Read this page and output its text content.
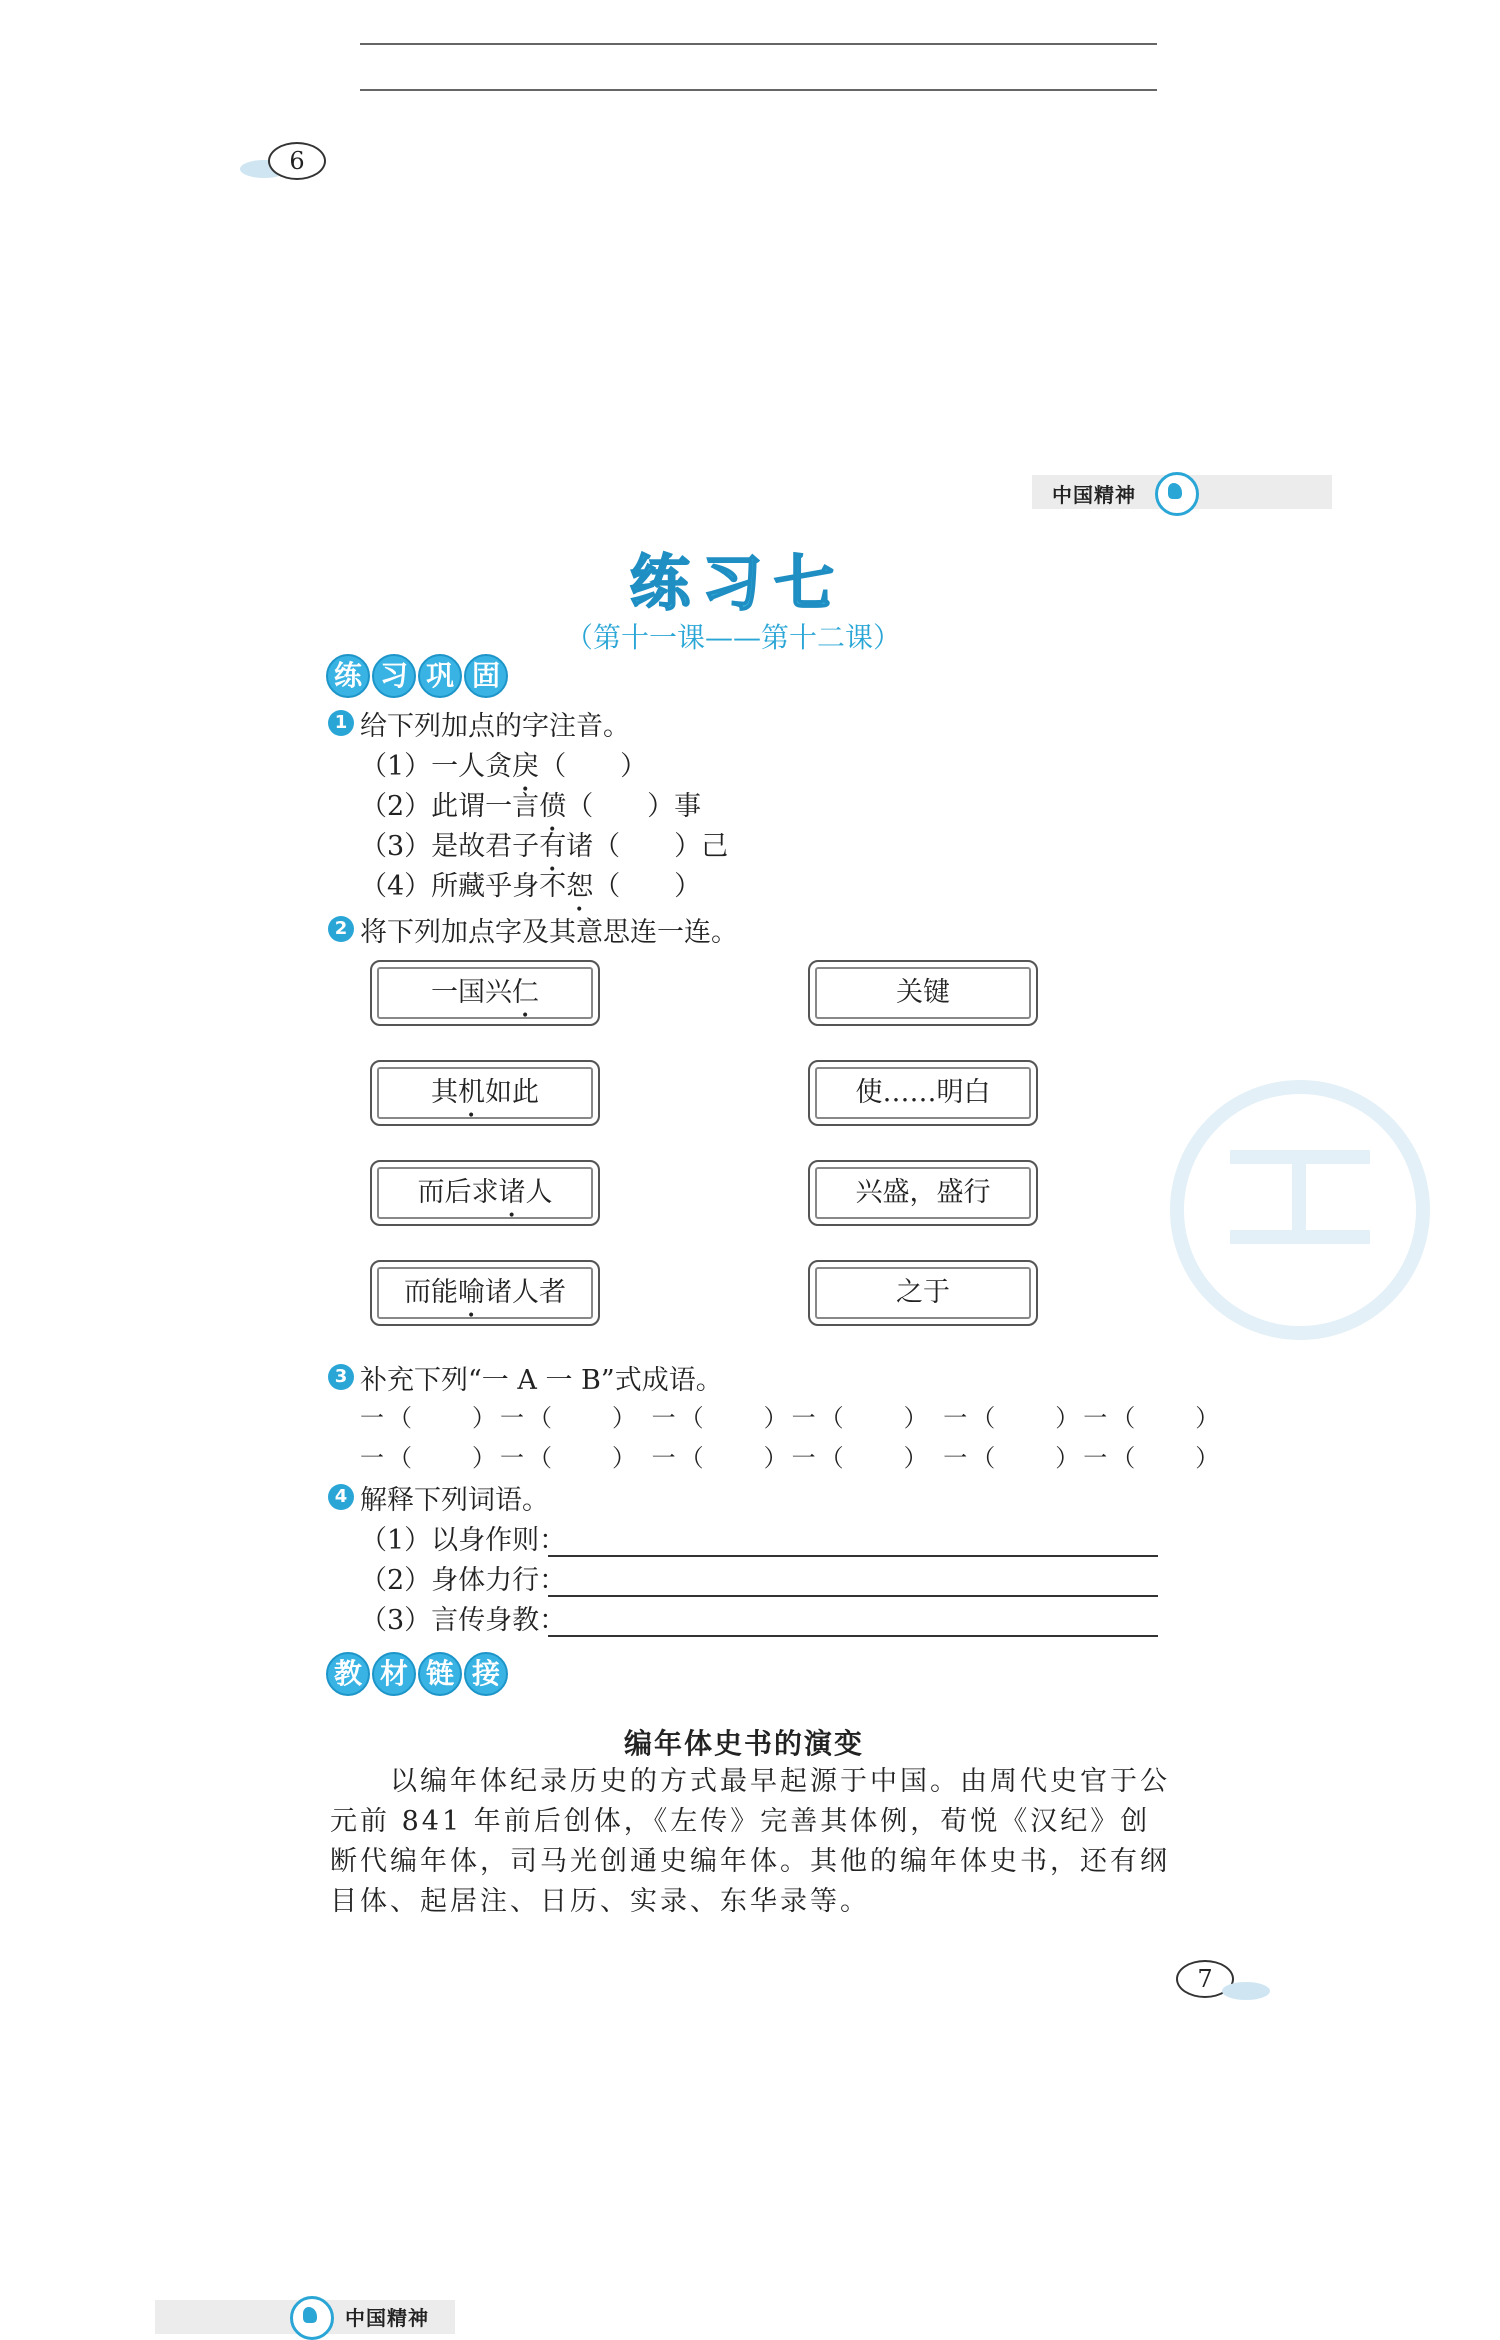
6
中国精神
练习七
（第十一课——第十二课）
练 习 巩 固
1 给下列加点的字注音。
（1）一人贪戾（　　）
（2）此谓一言偾（　　）事
（3）是故君子有诸（　　）己
（4）所藏乎身不恕（　　）
2 将下列加点字及其意思连一连。
一国兴仁
其机如此
而后求诸人
而能喻诸人者
关键
使……明白
兴盛，盛行
之于
3 补充下列“一 A 一 B”式成语。
一（　　）一（　　） 一（　　）一（　　） 一（　　）一（　　）
一（　　）一（　　） 一（　　）一（　　） 一（　　）一（　　）
4 解释下列词语。
（1）以身作则：
（2）身体力行：
（3）言传身教：
教 材 链 接
编年体史书的演变
　　以编年体纪录历史的方式最早起源于中国。由周代史官于公元前 841 年前后创体，《左传》完善其体例，荀悦《汉纪》创断代编年体，司马光创通史编年体。其他的编年体史书，还有纲目体、起居注、日历、实录、东华录等。
7
中国精神
